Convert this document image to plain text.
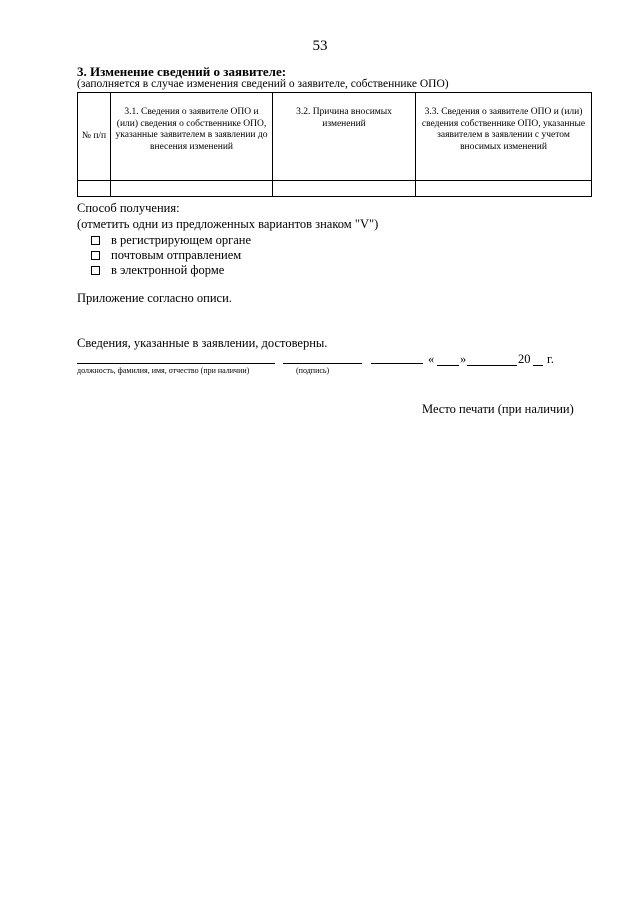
53
3. Изменение сведений о заявителе:
(заполняется в случае изменения сведений о заявителе, собственнике ОПО)
№ п/п	3.1. Сведения о заявителе ОПО и (или) сведения о собственнике ОПО, указанные заявителем в заявлении до внесения изменений	3.2. Причина вносимых изменений	3.3. Сведения о заявителе ОПО и (или) сведения собственнике ОПО, указанные заявителем в заявлении с учетом вносимых изменений

Способ получения:
(отметить одни из предложенных вариантов знаком "V")
в регистрирующем органе
почтовым отправлением
в электронной форме
Приложение согласно описи.
Сведения, указанные в заявлении, достоверны.
должность, фамилия, имя, отчество (при наличии)	(подпись)
« »	20 г.
Место печати (при наличии)
